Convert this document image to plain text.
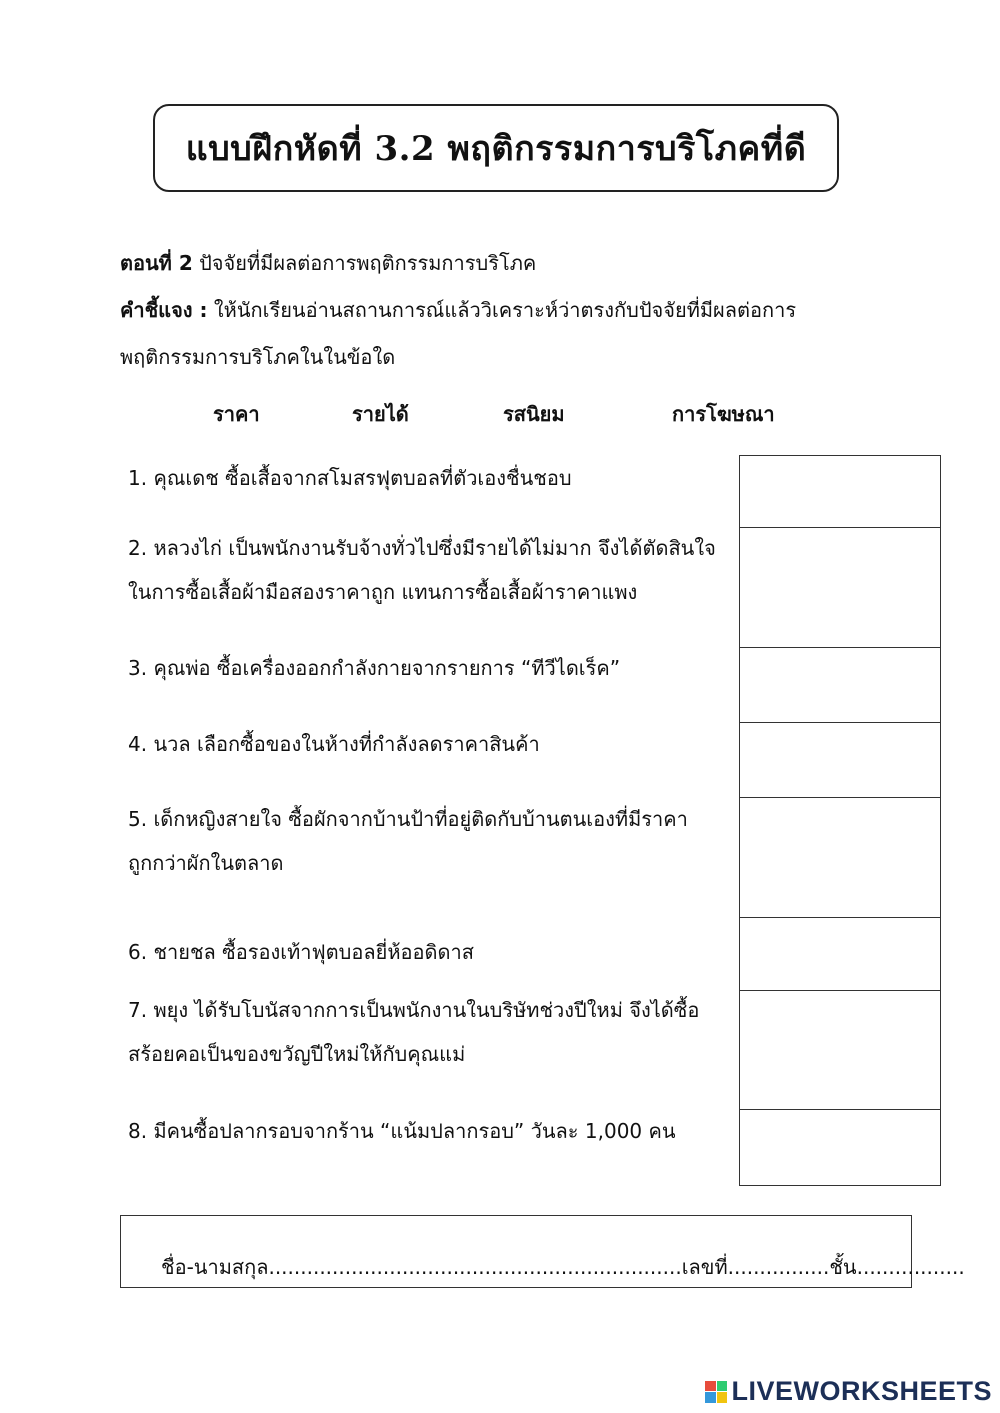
แบบฝึกหัดที่ 3.2 พฤติกรรมการบริโภคที่ดี
ตอนที่ 2 ปัจจัยที่มีผลต่อการพฤติกรรมการบริโภค
คำชี้แจง : ให้นักเรียนอ่านสถานการณ์แล้ววิเคราะห์ว่าตรงกับปัจจัยที่มีผลต่อการ
พฤติกรรมการบริโภคในในข้อใด
ราคา	รายได้	รสนิยม	การโฆษณา
1. คุณเดช ซื้อเสื้อจากสโมสรฟุตบอลที่ตัวเองชื่นชอบ
2. หลวงไก่ เป็นพนักงานรับจ้างทั่วไปซึ่งมีรายได้ไม่มาก จึงได้ตัดสินใจ
ในการซื้อเสื้อผ้ามือสองราคาถูก แทนการซื้อเสื้อผ้าราคาแพง
3. คุณพ่อ ซื้อเครื่องออกกำลังกายจากรายการ “ทีวีไดเร็ค”
4. นวล เลือกซื้อของในห้างที่กำลังลดราคาสินค้า
5. เด็กหญิงสายใจ ซื้อผักจากบ้านป้าที่อยู่ติดกับบ้านตนเองที่มีราคา
ถูกกว่าผักในตลาด
6. ชายชล ซื้อรองเท้าฟุตบอลยี่ห้ออดิดาส
7. พยุง ได้รับโบนัสจากการเป็นพนักงานในบริษัทช่วงปีใหม่ จึงได้ซื้อ
สร้อยคอเป็นของขวัญปีใหม่ให้กับคุณแม่
8. มีคนซื้อปลากรอบจากร้าน “แน้มปลากรอบ” วันละ 1,000 คน
ชื่อ-นามสกุล.................................................................เลขที่................ชั้น.................
LIVEWORKSHEETS
